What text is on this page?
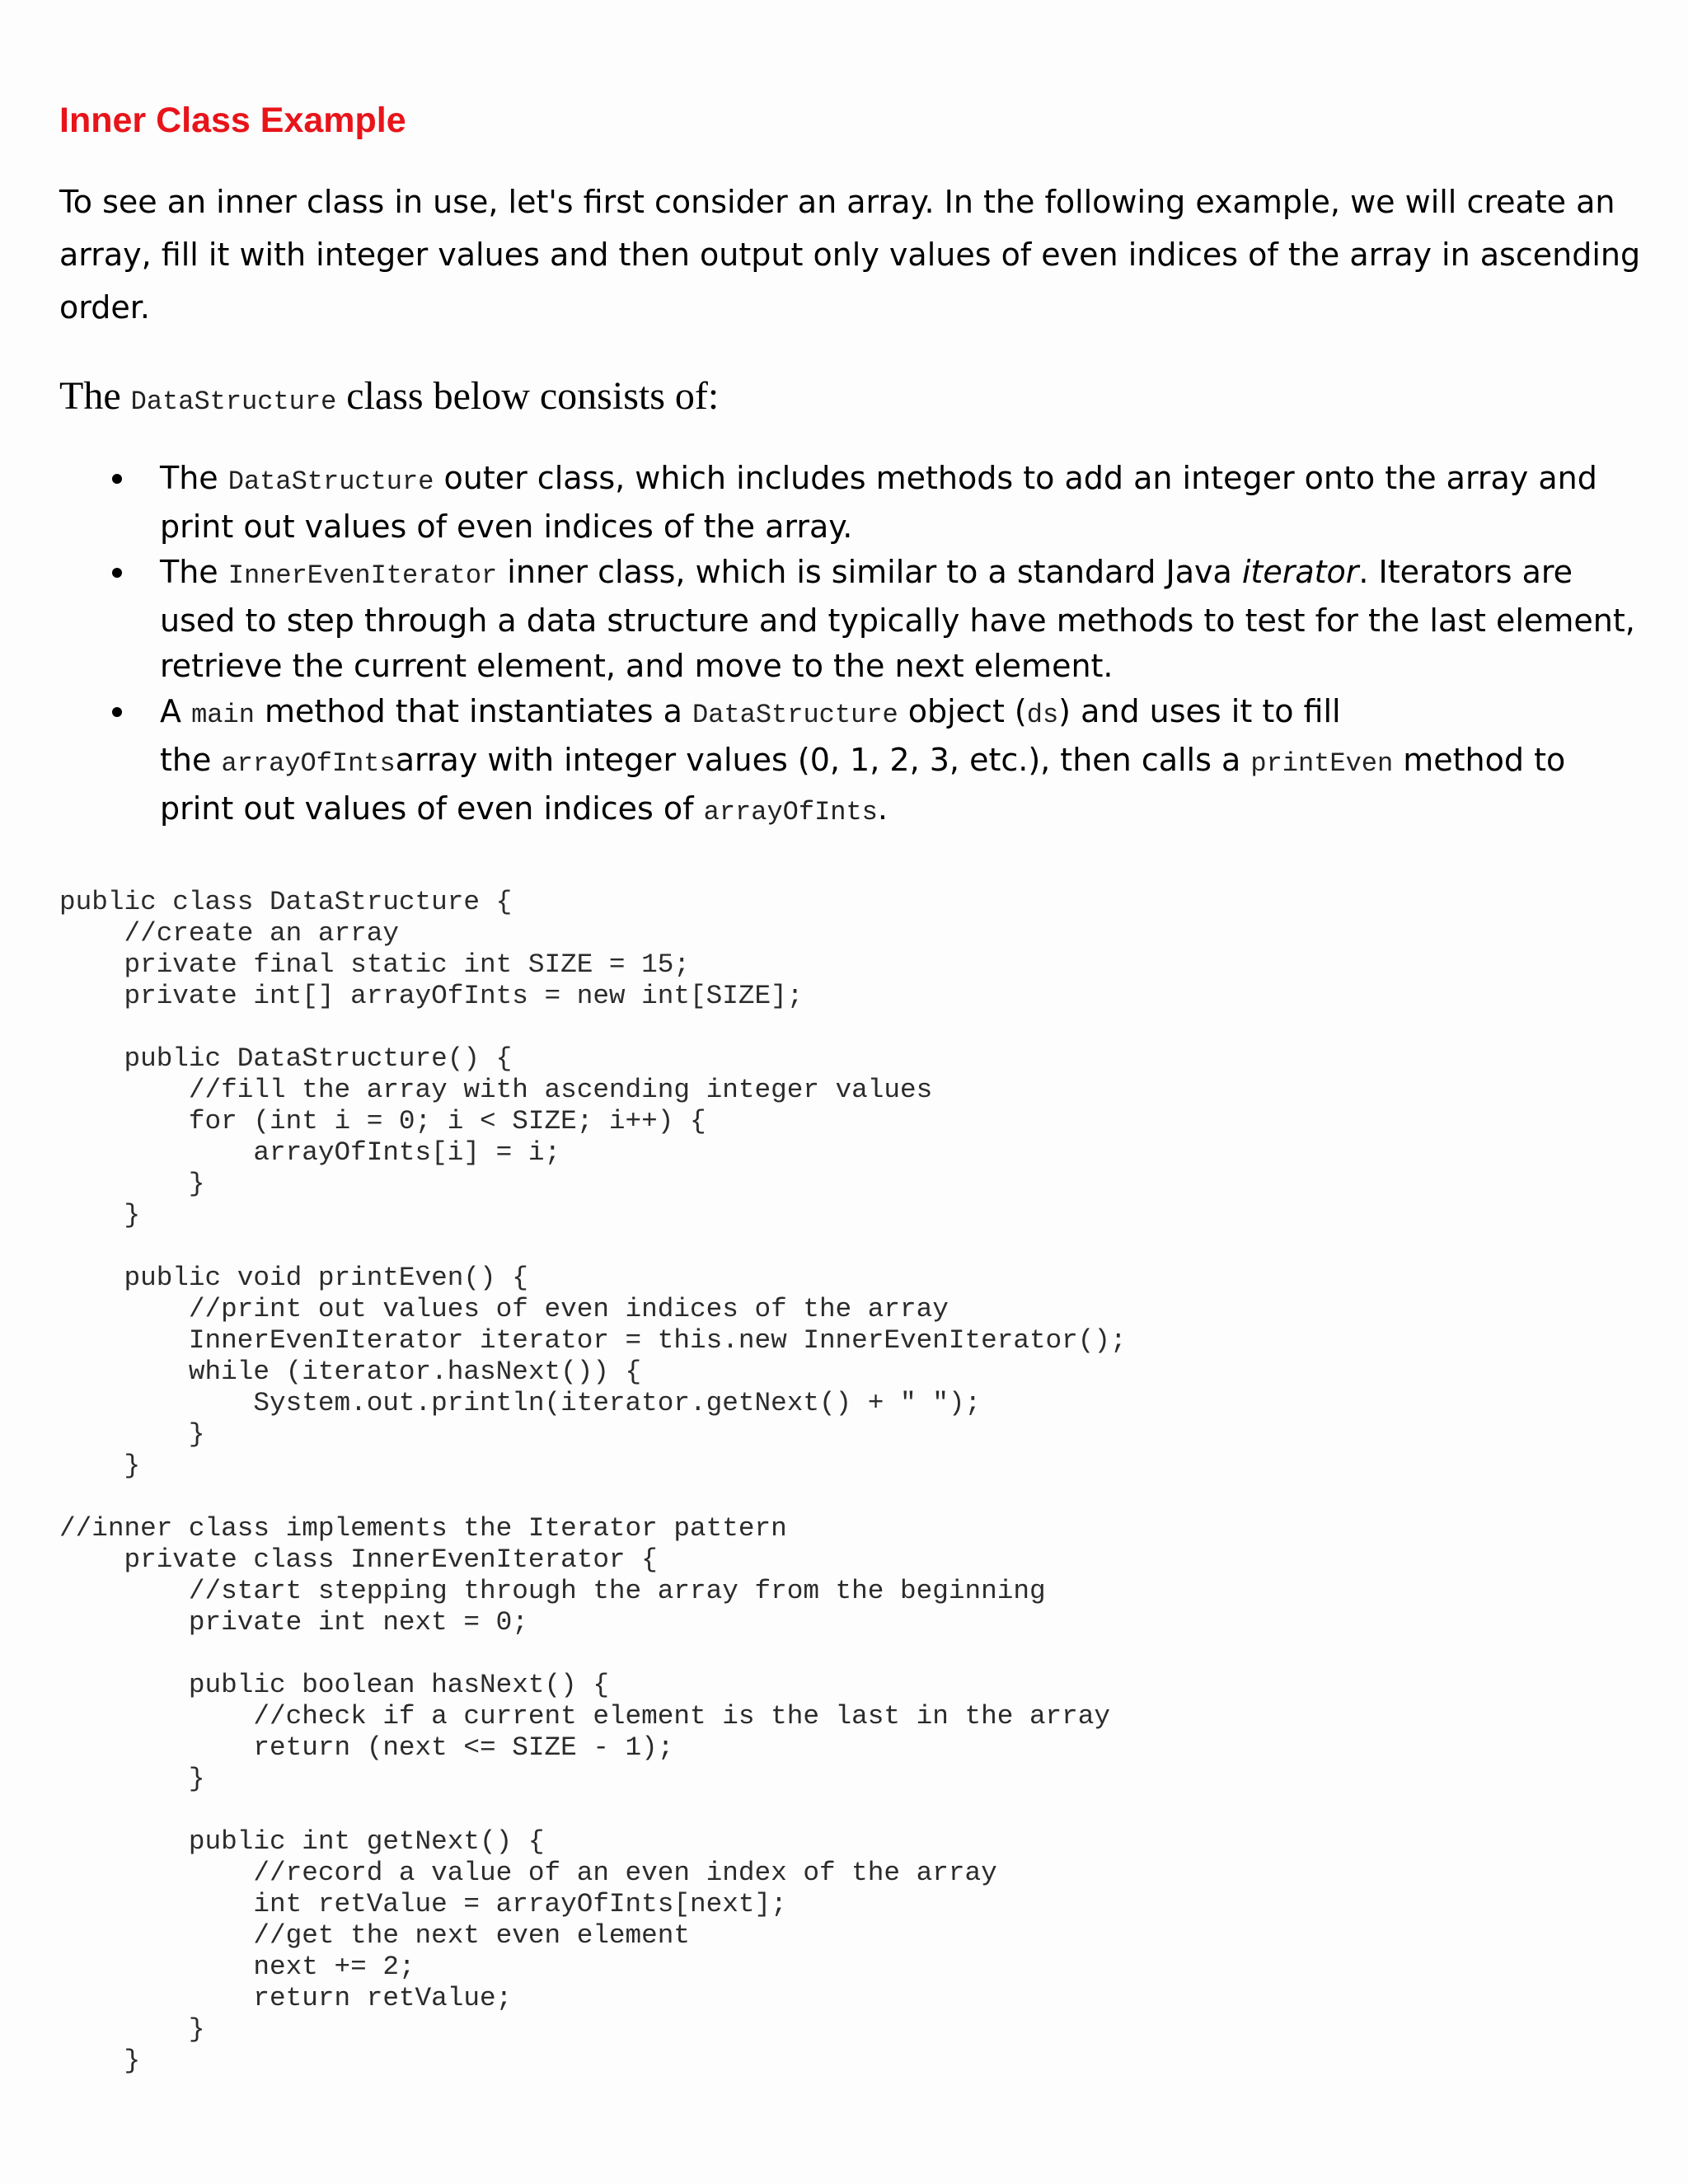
Inner Class Example

To see an inner class in use, let's first consider an array. In the following example, we will create an array, fill it with integer values and then output only values of even indices of the array in ascending order.

The DataStructure class below consists of:

The DataStructure outer class, which includes methods to add an integer onto the array and print out values of even indices of the array.
The InnerEvenIterator inner class, which is similar to a standard Java iterator. Iterators are used to step through a data structure and typically have methods to test for the last element, retrieve the current element, and move to the next element.
A main method that instantiates a DataStructure object (ds) and uses it to fill
the arrayOfIntsarray with integer values (0, 1, 2, 3, etc.), then calls a printEven method to print out values of even indices of arrayOfInts.
public class DataStructure {
//create an array
private final static int SIZE = 15;
private int[] arrayOfInts = new int[SIZE];

public DataStructure() {
//fill the array with ascending integer values
for (int i = 0; i < SIZE; i++) {
arrayOfInts[i] = i;
}
}

public void printEven() {
//print out values of even indices of the array
InnerEvenIterator iterator = this.new InnerEvenIterator();
while (iterator.hasNext()) {
System.out.println(iterator.getNext() + " ");
}
}

//inner class implements the Iterator pattern
private class InnerEvenIterator {
//start stepping through the array from the beginning
private int next = 0;

public boolean hasNext() {
//check if a current element is the last in the array
return (next <= SIZE - 1);
}

public int getNext() {
//record a value of an even index of the array
int retValue = arrayOfInts[next];
//get the next even element
next += 2;
return retValue;
}
}
